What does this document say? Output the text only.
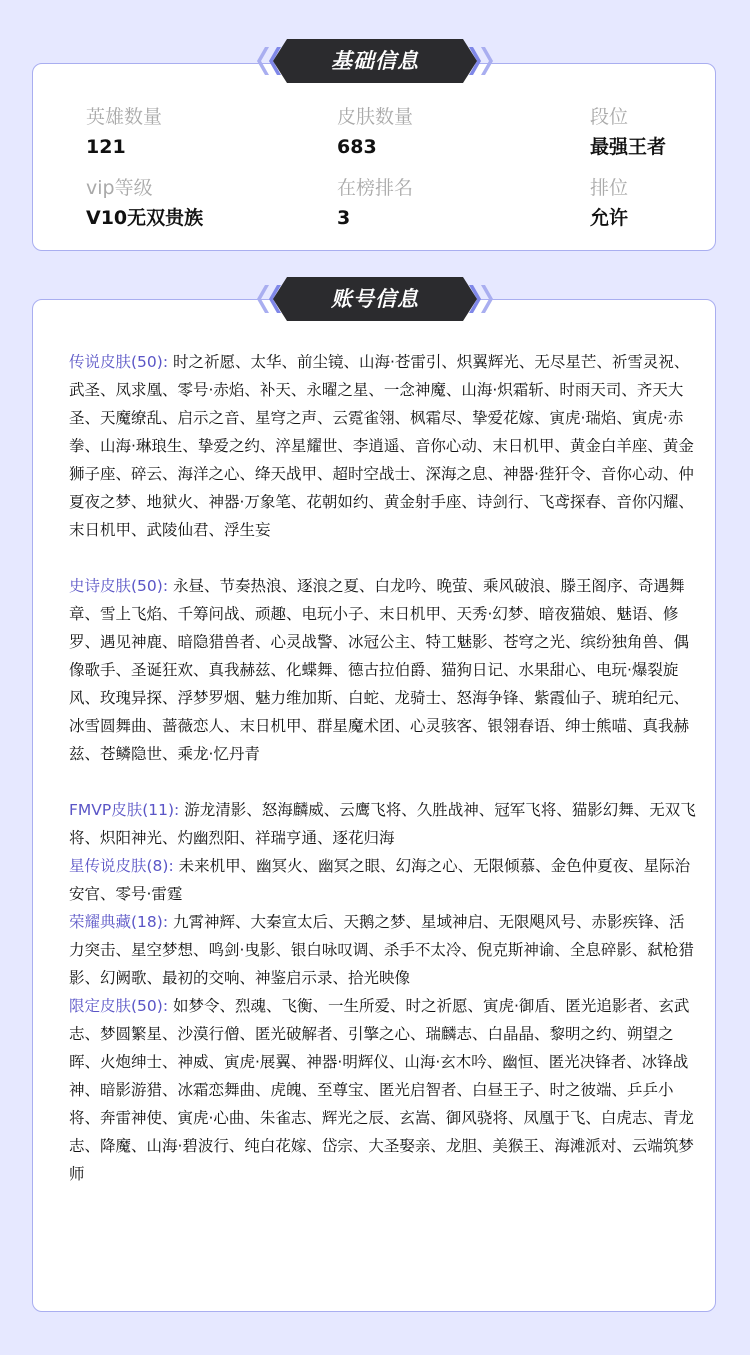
英雄数量
121
皮肤数量
683
段位
最强王者
vip等级
V10无双贵族
在榜排名
3
排位
允许
基础信息

传说皮肤(50): 时之祈愿、太华、前尘镜、山海·苍雷引、炽翼辉光、无尽星芒、祈雪灵祝、武圣、凤求凰、零号·赤焰、补天、永曜之星、一念神魔、山海·炽霜斩、时雨天司、齐天大圣、天魔缭乱、启示之音、星穹之声、云霓雀翎、枫霜尽、挚爱花嫁、寅虎·瑞焰、寅虎·赤拳、山海·琳琅生、挚爱之约、淬星耀世、李逍遥、音你心动、末日机甲、黄金白羊座、黄金狮子座、碎云、海洋之心、绛天战甲、超时空战士、深海之息、神器·狴犴令、音你心动、仲夏夜之梦、地狱火、神器·万象笔、花朝如约、黄金射手座、诗剑行、飞鸢探春、音你闪耀、末日机甲、武陵仙君、浮生妄

史诗皮肤(50): 永昼、节奏热浪、逐浪之夏、白龙吟、晚萤、乘风破浪、滕王阁序、奇遇舞章、雪上飞焰、千筹问战、顽趣、电玩小子、末日机甲、天秀·幻梦、暗夜猫娘、魅语、修罗、遇见神鹿、暗隐猎兽者、心灵战警、冰冠公主、特工魅影、苍穹之光、缤纷独角兽、偶像歌手、圣诞狂欢、真我赫兹、化蝶舞、德古拉伯爵、猫狗日记、水果甜心、电玩·爆裂旋风、玫瑰异探、浮梦罗烟、魅力维加斯、白蛇、龙骑士、怒海争锋、紫霞仙子、琥珀纪元、冰雪圆舞曲、蔷薇恋人、末日机甲、群星魔术团、心灵骇客、银翎春语、绅士熊喵、真我赫兹、苍鳞隐世、乘龙·忆丹青

FMVP皮肤(11): 游龙清影、怒海麟威、云鹰飞将、久胜战神、冠军飞将、猫影幻舞、无双飞将、炽阳神光、灼幽烈阳、祥瑞亨通、逐花归海

星传说皮肤(8): 未来机甲、幽冥火、幽冥之眼、幻海之心、无限倾慕、金色仲夏夜、星际治安官、零号·雷霆

荣耀典藏(18): 九霄神辉、大秦宣太后、天鹅之梦、星域神启、无限飓风号、赤影疾锋、活力突击、星空梦想、鸣剑·曳影、银白咏叹调、杀手不太冷、倪克斯神谕、全息碎影、弑枪猎影、幻阙歌、最初的交响、神鉴启示录、拾光映像

限定皮肤(50): 如梦令、烈魂、飞衡、一生所爱、时之祈愿、寅虎·御盾、匿光追影者、玄武志、梦圆繁星、沙漠行僧、匿光破解者、引擎之心、瑞麟志、白晶晶、黎明之约、朔望之晖、火炮绅士、神威、寅虎·展翼、神器·明辉仪、山海·玄木吟、幽恒、匿光决锋者、冰锋战神、暗影游猎、冰霜恋舞曲、虎魄、至尊宝、匿光启智者、白昼王子、时之彼端、乒乒小将、奔雷神使、寅虎·心曲、朱雀志、辉光之辰、玄嵩、御风骁将、凤凰于飞、白虎志、青龙志、降魔、山海·碧波行、纯白花嫁、岱宗、大圣娶亲、龙胆、美猴王、海滩派对、云端筑梦师

账号信息
